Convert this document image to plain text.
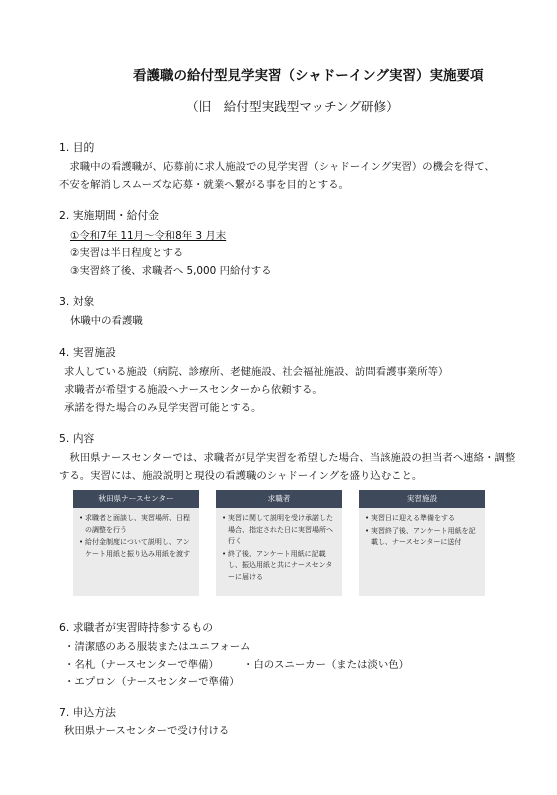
看護職の給付型見学実習（シャドーイング実習）実施要項
（旧　給付型実践型マッチング研修）
1. 目的
　求職中の看護職が、応募前に求人施設での見学実習（シャドーイング実習）の機会を得て、
不安を解消しスムーズな応募・就業へ繋がる事を目的とする。
2. 実施期間・給付金
①令和7年 11月～令和8年 3 月末
②実習は半日程度とする
③実習終了後、求職者へ 5,000 円給付する
3. 対象
休職中の看護職
4. 実習施設
求人している施設（病院、診療所、老健施設、社会福祉施設、訪問看護事業所等）
求職者が希望する施設へナースセンターから依頼する。
承諾を得た場合のみ見学実習可能とする。
5. 内容
　秋田県ナースセンターでは、求職者が見学実習を希望した場合、当該施設の担当者へ連絡・調整
する。実習には、施設説明と現役の看護職のシャドーイングを盛り込むこと。
秋田県ナースセンター
• 求職者と面談し、実習場所、日程の調整を行う
• 給付金制度について説明し、アンケート用紙と振り込み用紙を渡す
求職者
• 実習に関して説明を受け承諾した場合、指定された日に実習場所へ行く
• 終了後、アンケート用紙に記載し、振込用紙と共にナースセンターに届ける
実習施設
• 実習日に迎える準備をする
• 実習終了後、アンケート用紙を記載し、ナースセンターに送付
6. 求職者が実習時持参するもの
・清潔感のある服装またはユニフォーム
・名札（ナースセンターで準備） ・白のスニーカー（または淡い色）
・エプロン（ナースセンターで準備）
7. 申込方法
秋田県ナースセンターで受け付ける
